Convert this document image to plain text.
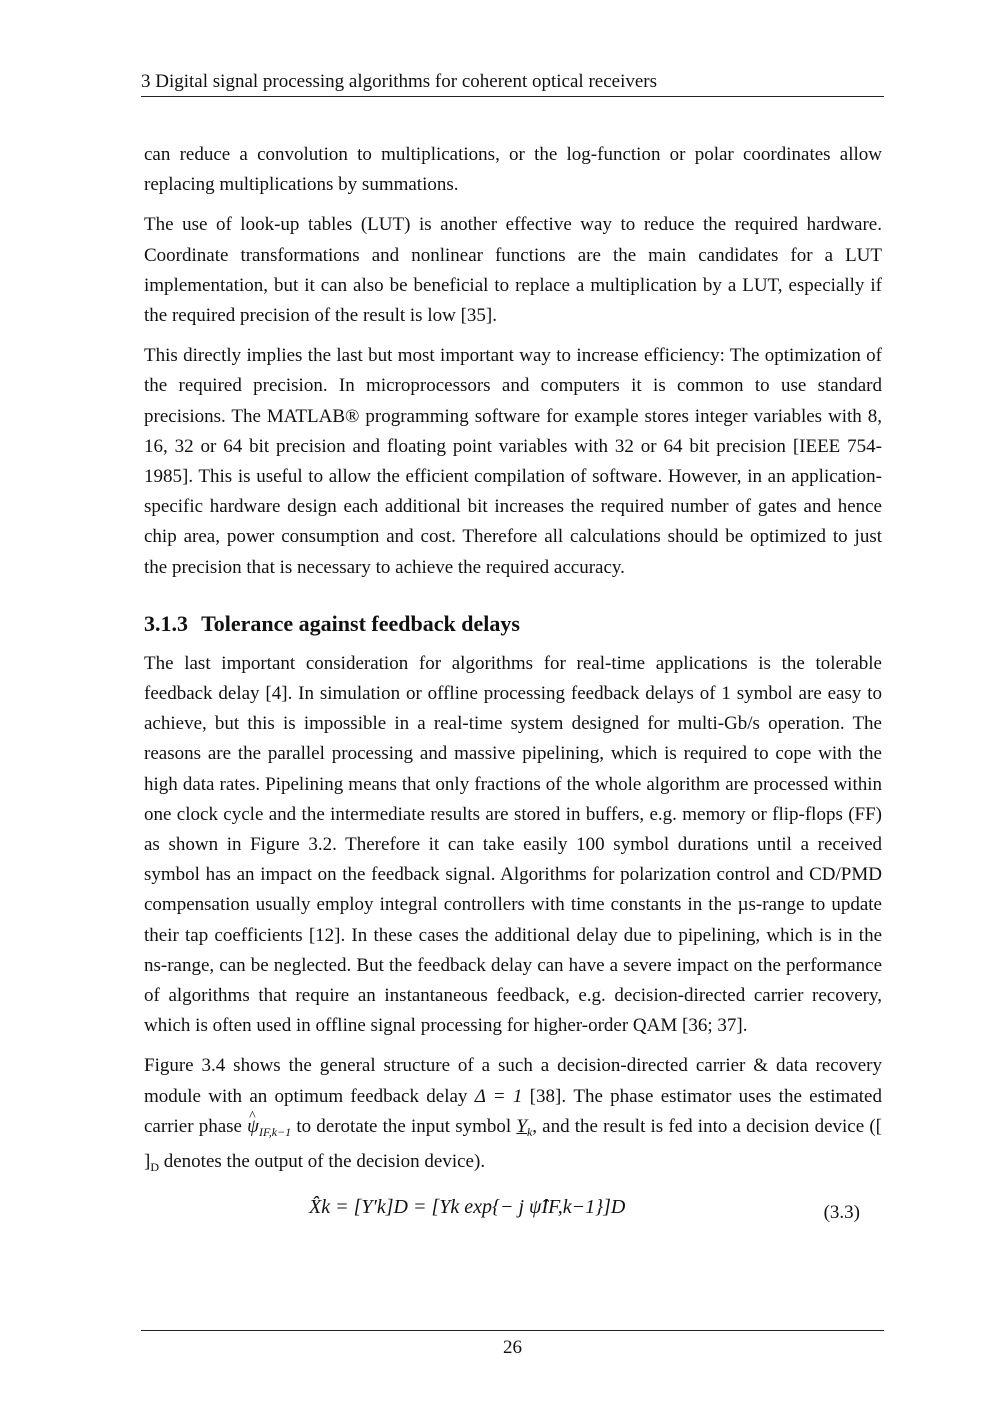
3 Digital signal processing algorithms for coherent optical receivers

can reduce a convolution to multiplications, or the log-function or polar coordinates allow replacing multiplications by summations.

The use of look-up tables (LUT) is another effective way to reduce the required hardware. Coordinate transformations and nonlinear functions are the main candidates for a LUT implementation, but it can also be beneficial to replace a multiplication by a LUT, especially if the required precision of the result is low [35].

This directly implies the last but most important way to increase efficiency: The optimization of the required precision. In microprocessors and computers it is common to use standard precisions. The MATLAB® programming software for example stores integer variables with 8, 16, 32 or 64 bit precision and floating point variables with 32 or 64 bit precision [IEEE 754-1985]. This is useful to allow the efficient compilation of software. However, in an application-specific hardware design each additional bit increases the required number of gates and hence chip area, power consumption and cost. Therefore all calculations should be optimized to just the precision that is necessary to achieve the required accuracy.

3.1.3 Tolerance against feedback delays

The last important consideration for algorithms for real-time applications is the tolerable feedback delay [4]. In simulation or offline processing feedback delays of 1 symbol are easy to achieve, but this is impossible in a real-time system designed for multi-Gb/s operation. The reasons are the parallel processing and massive pipelining, which is required to cope with the high data rates. Pipelining means that only fractions of the whole algorithm are processed within one clock cycle and the intermediate results are stored in buffers, e.g. memory or flip-flops (FF) as shown in Figure 3.2. Therefore it can take easily 100 symbol durations until a received symbol has an impact on the feedback signal. Algorithms for polarization control and CD/PMD compensation usually employ integral controllers with time constants in the µs-range to update their tap coefficients [12]. In these cases the additional delay due to pipelining, which is in the ns-range, can be neglected. But the feedback delay can have a severe impact on the performance of algorithms that require an instantaneous feedback, e.g. decision-directed carrier recovery, which is often used in offline signal processing for higher-order QAM [36; 37].

Figure 3.4 shows the general structure of a such a decision-directed carrier & data recovery module with an optimum feedback delay Δ = 1 [38]. The phase estimator uses the estimated carrier phase ^ $\psi_{IF,k-1}$ to derotate the input symbol $Y_k$, and the result is fed into a decision device ([ ]$_D$ denotes the output of the decision device).

X̂k = [Y′k]D = [Yk exp{− j ψ̂IF,k−1}]D	(3.3)
26
